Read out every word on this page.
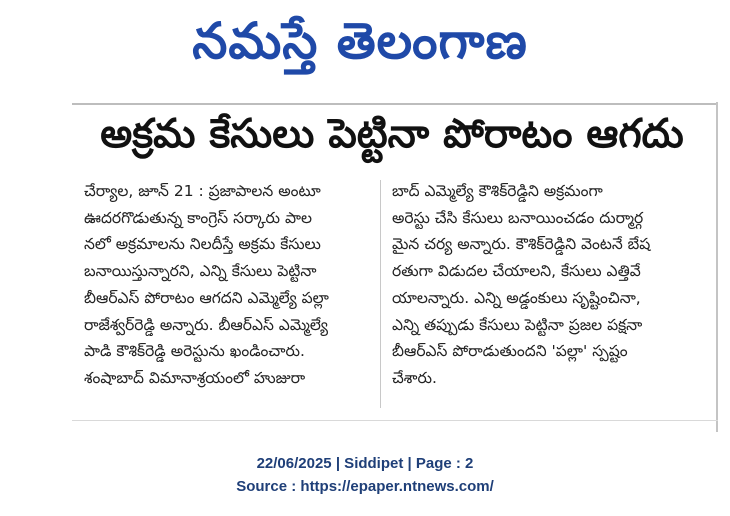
నమస్తే తెలంగాణ
అక్రమ కేసులు పెట్టినా పోరాటం ఆగదు
చేర్యాల, జూన్ 21 : ప్రజాపాలన అంటూ
ఊదరగొడుతున్న కాంగ్రెస్ సర్కారు పాల
నలో అక్రమాలను నిలదీస్తే అక్రమ కేసులు
బనాయిస్తున్నారని, ఎన్ని కేసులు పెట్టినా
బీఆర్ఎస్ పోరాటం ఆగదని ఎమ్మెల్యే పల్లా
రాజేశ్వర్‌రెడ్డి అన్నారు. బీఆర్ఎస్ ఎమ్మెల్యే
పాడి కౌశిక్‌రెడ్డి అరెస్టును ఖండించారు.
శంషాబాద్ విమానాశ్రయంలో హుజురా
బాద్ ఎమ్మెల్యే కౌశిక్‌రెడ్డిని అక్రమంగా
అరెస్టు చేసి కేసులు బనాయించడం దుర్మార్గ
మైన చర్య అన్నారు. కౌశిక్‌రెడ్డిని వెంటనే బేష
రతుగా విడుదల చేయాలని, కేసులు ఎత్తివే
యాలన్నారు. ఎన్ని అడ్డంకులు సృష్టించినా,
ఎన్ని తప్పుడు కేసులు పెట్టినా ప్రజల పక్షనా
బీఆర్ఎస్ పోరాడుతుందని 'పల్లా' స్పష్టం
చేశారు.
22/06/2025 | Siddipet | Page : 2
Source : https://epaper.ntnews.com/
